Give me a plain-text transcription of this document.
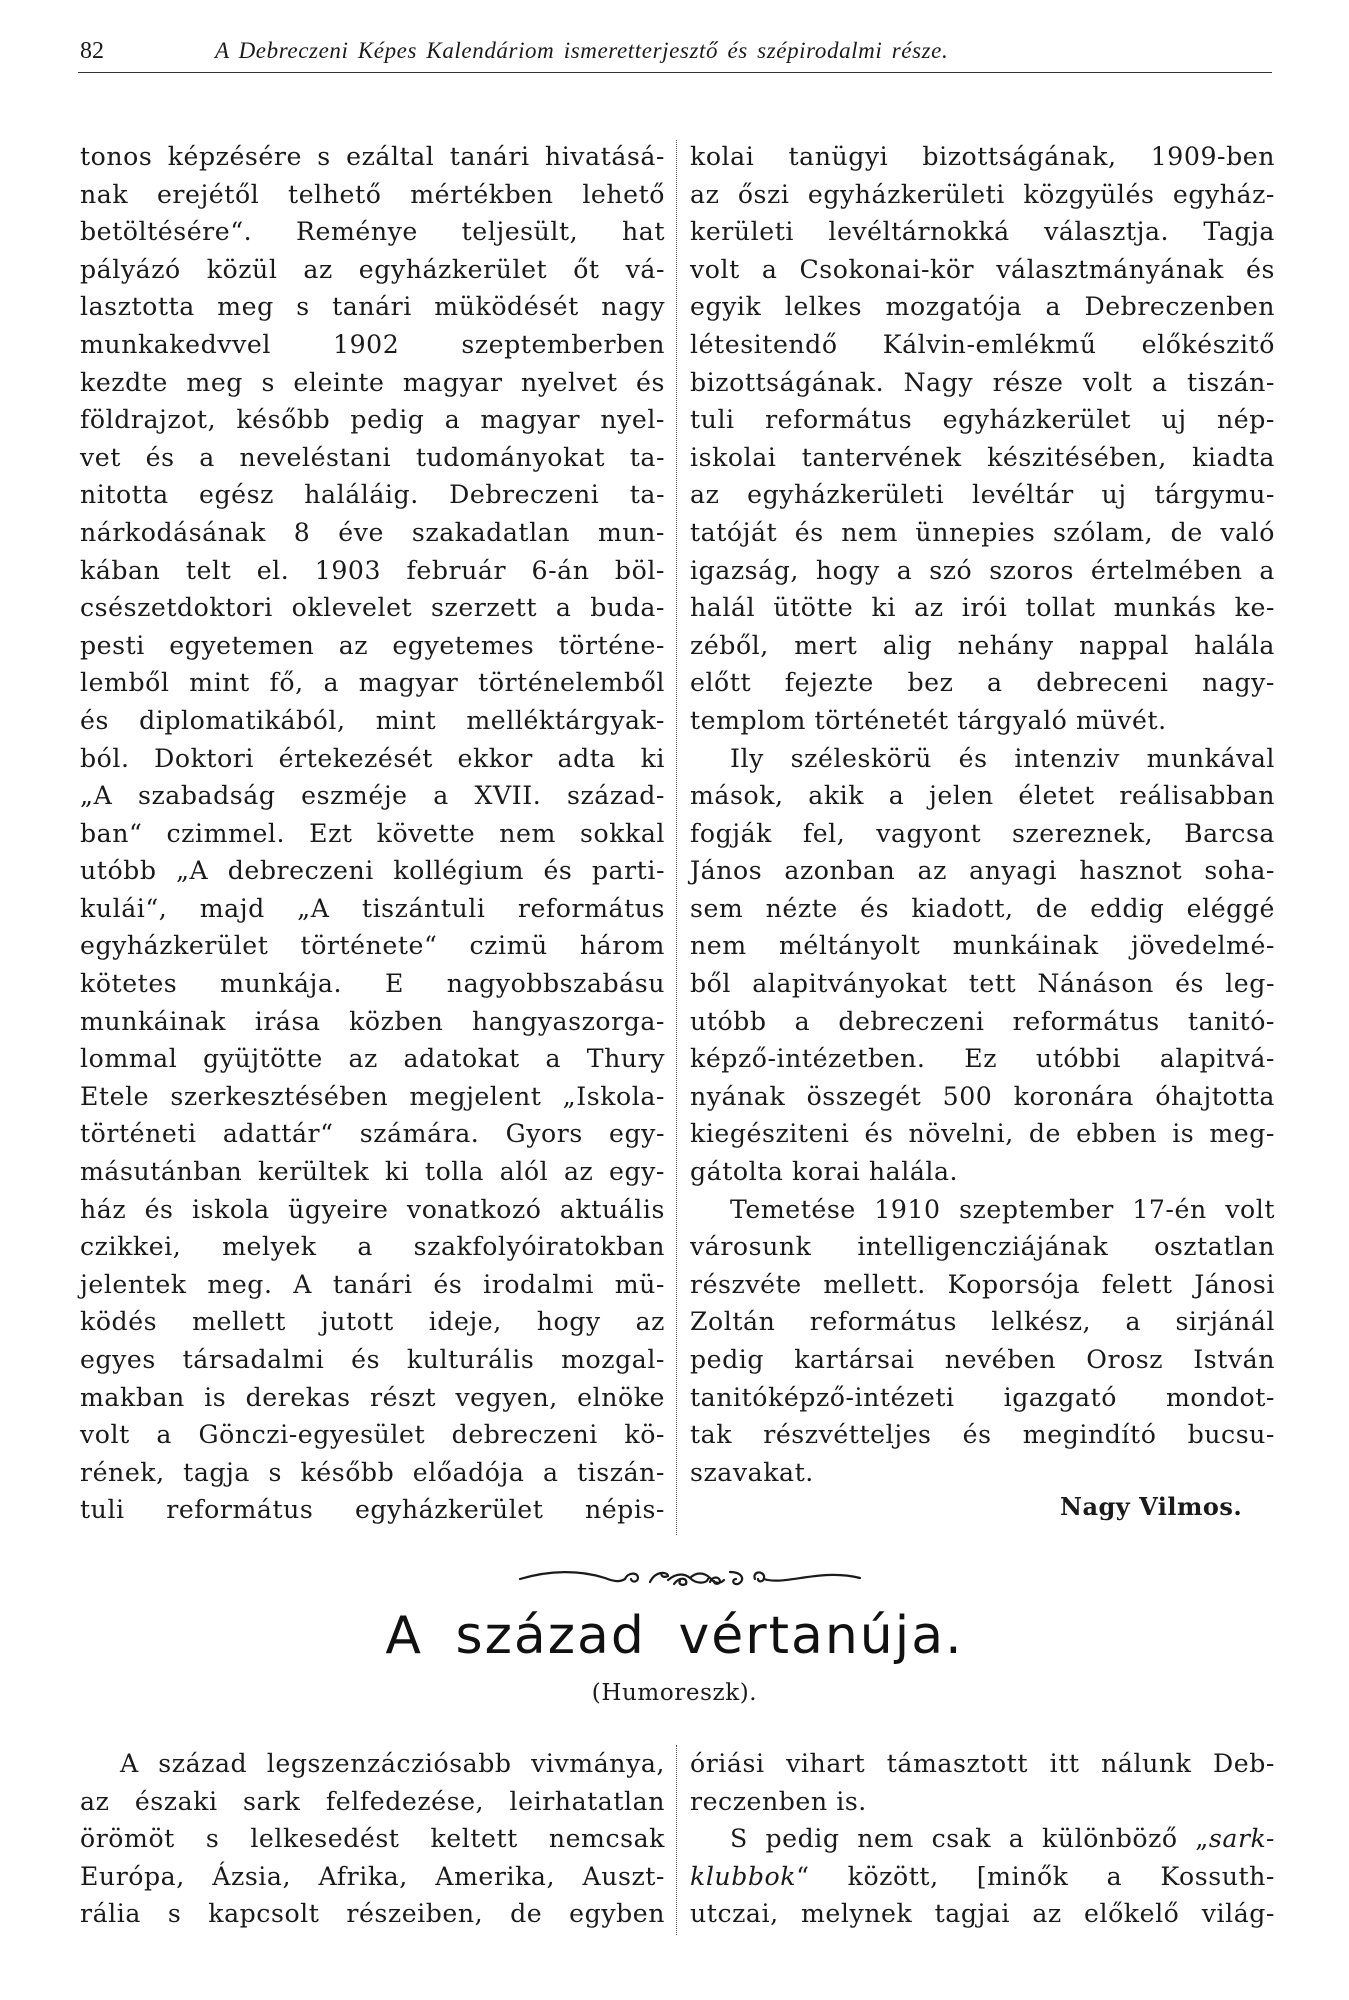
82	A Debreczeni Képes Kalendáriom ismeretterjesztő és szépirodalmi része.
tonos képzésére s ezáltal tanári hivatásá-
nak erejétől telhető mértékben lehető
betöltésére“. Reménye teljesült, hat
pályázó közül az egyházkerület őt vá-
lasztotta meg s tanári müködését nagy
munkakedvvel 1902 szeptemberben
kezdte meg s eleinte magyar nyelvet és
földrajzot, később pedig a magyar nyel-
vet és a neveléstani tudományokat ta-
nitotta egész haláláig. Debreczeni ta-
nárkodásának 8 éve szakadatlan mun-
kában telt el. 1903 február 6-án böl-
csészetdoktori oklevelet szerzett a buda-
pesti egyetemen az egyetemes történe-
lemből mint fő, a magyar történelemből
és diplomatikából, mint melléktárgyak-
ból. Doktori értekezését ekkor adta ki
„A szabadság eszméje a XVII. század-
ban“ czimmel. Ezt követte nem sokkal
utóbb „A debreczeni kollégium és parti-
kulái“, majd „A tiszántuli református
egyházkerület története“ czimü három
kötetes munkája. E nagyobbszabásu
munkáinak irása közben hangyaszorga-
lommal gyüjtötte az adatokat a Thury
Etele szerkesztésében megjelent „Iskola-
történeti adattár“ számára. Gyors egy-
másutánban kerültek ki tolla alól az egy-
ház és iskola ügyeire vonatkozó aktuális
czikkei, melyek a szakfolyóiratokban
jelentek meg. A tanári és irodalmi mü-
ködés mellett jutott ideje, hogy az
egyes társadalmi és kulturális mozgal-
makban is derekas részt vegyen, elnöke
volt a Gönczi-egyesület debreczeni kö-
rének, tagja s később előadója a tiszán-
tuli református egyházkerület népis-
kolai tanügyi bizottságának, 1909-ben
az őszi egyházkerületi közgyülés egyház-
kerületi levéltárnokká választja. Tagja
volt a Csokonai-kör választmányának és
egyik lelkes mozgatója a Debreczenben
létesitendő Kálvin-emlékmű előkészitő
bizottságának. Nagy része volt a tiszán-
tuli református egyházkerület uj nép-
iskolai tantervének készitésében, kiadta
az egyházkerületi levéltár uj tárgymu-
tatóját és nem ünnepies szólam, de való
igazság, hogy a szó szoros értelmében a
halál ütötte ki az irói tollat munkás ke-
zéből, mert alig nehány nappal halála
előtt fejezte bez a debreceni nagy-
templom történetét tárgyaló müvét.
Ily széleskörü és intenziv munkával
mások, akik a jelen életet reálisabban
fogják fel, vagyont szereznek, Barcsa
János azonban az anyagi hasznot soha-
sem nézte és kiadott, de eddig eléggé
nem méltányolt munkáinak jövedelmé-
ből alapitványokat tett Nánáson és leg-
utóbb a debreczeni református tanitó-
képző-intézetben. Ez utóbbi alapitvá-
nyának összegét 500 koronára óhajtotta
kiegésziteni és növelni, de ebben is meg-
gátolta korai halála.
Temetése 1910 szeptember 17-én volt
városunk intelligencziájának osztatlan
részvéte mellett. Koporsója felett Jánosi
Zoltán református lelkész, a sirjánál
pedig kartársai nevében Orosz István
tanitóképző-intézeti igazgató mondot-
tak részvétteljes és megindító bucsu-
szavakat.
Nagy Vilmos.
A század vértanúja.
(Humoreszk).
A század legszenzácziósabb vivmánya,
az északi sark felfedezése, leirhatatlan
örömöt s lelkesedést keltett nemcsak
Európa, Ázsia, Afrika, Amerika, Auszt-
rália s kapcsolt részeiben, de egyben
óriási vihart támasztott itt nálunk Deb-
reczenben is.
S pedig nem csak a különböző „sark-
klubbok“ között, [minők a Kossuth-
utczai, melynek tagjai az előkelő világ-
